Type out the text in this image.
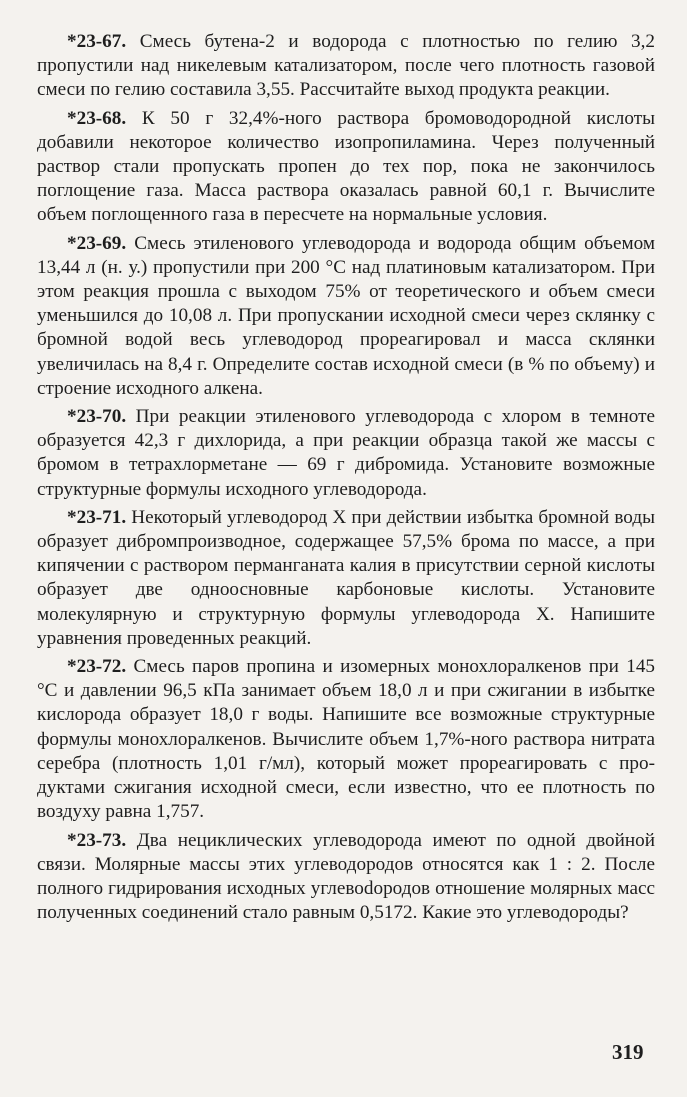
*23-67. Смесь бутена-2 и водорода с плотностью по гелию 3,2 пропустили над никелевым катализатором, после чего плотность газовой смеси по гелию составила 3,55. Рассчитайте выход продукта реакции.

*23-68. К 50 г 32,4%-ного раствора бромоводородной кислоты добавили некоторое количество изопропиламина. Через полученный раствор стали пропускать пропен до тех пор, пока не закончилось поглощение газа. Масса раствора оказалась равной 60,1 г. Вычислите объем поглощенного газа в пересчете на нормальные условия.

*23-69. Смесь этиленового углеводорода и водорода общим объемом 13,44 л (н. у.) пропустили при 200 °С над платиновым катализатором. При этом реакция прошла с выходом 75% от теоретического и объем смеси уменьшился до 10,08 л. При пропускании исходной смеси через склянку с бромной водой весь углеводород прореагировал и масса склянки увеличилась на 8,4 г. Определите состав исходной смеси (в % по объему) и строение исходного алкена.

*23-70. При реакции этиленового углеводорода с хлором в темноте образуется 42,3 г дихлорида, а при реакции образца такой же массы с бромом в тетрахлорметане — 69 г дибромида. Установите возможные структурные формулы исходного углеводорода.

*23-71. Некоторый углеводород X при действии избытка бромной воды образует дибромпроизводное, содержащее 57,5% брома по массе, а при кипячении с раствором перманганата калия в присутствии серной кислоты образует две одноосновные карбоновые кислоты. Установите молекулярную и структурную формулы углеводорода X. Напишите уравнения проведенных реакций.

*23-72. Смесь паров пропина и изомерных монохлоралкенов при 145 °С и давлении 96,5 кПа занимает объем 18,0 л и при сжигании в избытке кислорода образует 18,0 г воды. Напишите все возможные структурные формулы монохлоралкенов. Вычислите объем 1,7%-ного раствора нитрата серебра (плотность 1,01 г/мл), который может прореагировать с продуктами сжигания исходной смеси, если известно, что ее плотность по воздуху равна 1,757.

*23-73. Два нециклических углеводорода имеют по одной двойной связи. Молярные массы этих углеводородов относятся как 1 : 2. После полного гидрирования исходных углевоdородов отношение молярных масс полученных соединений стало равным 0,5172. Какие это углеводороды?

319
